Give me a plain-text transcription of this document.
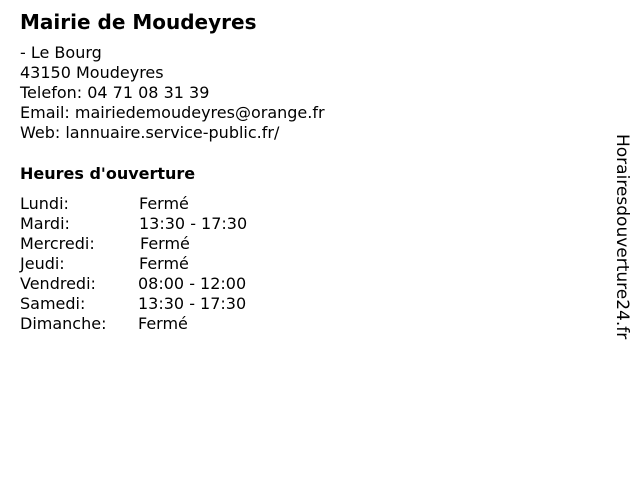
Mairie de Moudeyres
- Le Bourg
43150 Moudeyres
Telefon: 04 71 08 31 39
Email: mairiedemoudeyres@orange.fr
Web: lannuaire.service-public.fr/
Heures d'ouverture
Lundi:	Fermé
Mardi:	13:30 - 17:30
Mercredi:	Fermé
Jeudi:	Fermé
Vendredi:	08:00 - 12:00
Samedi:	13:30 - 17:30
Dimanche: Fermé	Horairesdouverture24.fr
